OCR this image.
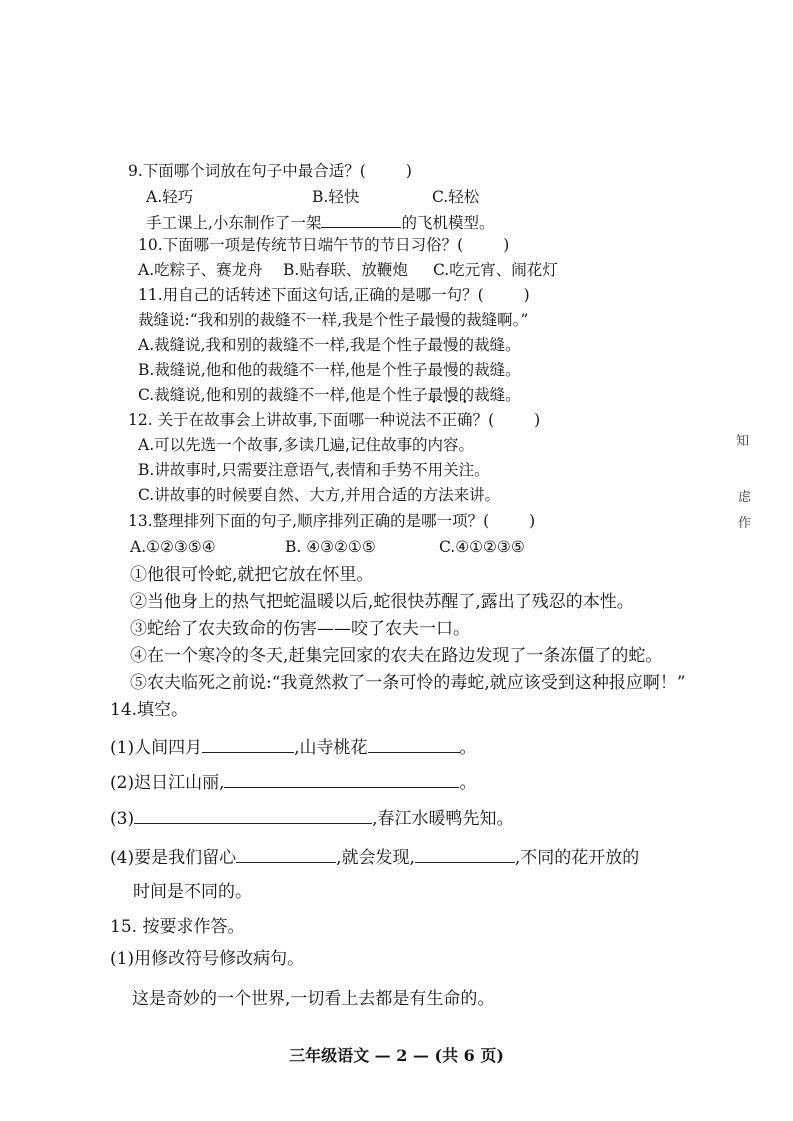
9.下面哪个词放在句子中最合适？(	)
A.轻巧	B.轻快	C.轻松
手工课上,小东制作了一架	的飞机模型。
10.下面哪一项是传统节日端午节的节日习俗？(	)
A.吃粽子、赛龙舟 B.贴春联、放鞭炮 C.吃元宵、闹花灯
11.用自己的话转述下面这句话,正确的是哪一句？(	)
裁缝说:“我和别的裁缝不一样,我是个性子最慢的裁缝啊。”
A.裁缝说,我和别的裁缝不一样,我是个性子最慢的裁缝。
B.裁缝说,他和他的裁缝不一样,他是个性子最慢的裁缝。
C.裁缝说,他和别的裁缝不一样,他是个性子最慢的裁缝。
12. 关于在故事会上讲故事,下面哪一种说法不正确？(	)
A.可以先选一个故事,多读几遍,记住故事的内容。
B.讲故事时,只需要注意语气,表情和手势不用关注。
C.讲故事的时候要自然、大方,并用合适的方法来讲。
13.整理排列下面的句子,顺序排列正确的是哪一项？(	)
A.①②③⑤④	B. ④③②①⑤	C.④①②③⑤
①他很可怜蛇,就把它放在怀里。
②当他身上的热气把蛇温暖以后,蛇很快苏醒了,露出了残忍的本性。
③蛇给了农夫致命的伤害——咬了农夫一口。
④在一个寒冷的冬天,赶集完回家的农夫在路边发现了一条冻僵了的蛇。
⑤农夫临死之前说:“我竟然救了一条可怜的毒蛇,就应该受到这种报应啊！”
14.填空。
(1)人间四月	,山寺桃花	。
(2)迟日江山丽,	。
(3)	,春江水暖鸭先知。
(4)要是我们留心	,就会发现,	,不同的花开放的
时间是不同的。
15. 按要求作答。
(1)用修改符号修改病句。
这是奇妙的一个世界,一切看上去都是有生命的。
知
虑
作
三年级语文 — 2 — (共 6 页)
